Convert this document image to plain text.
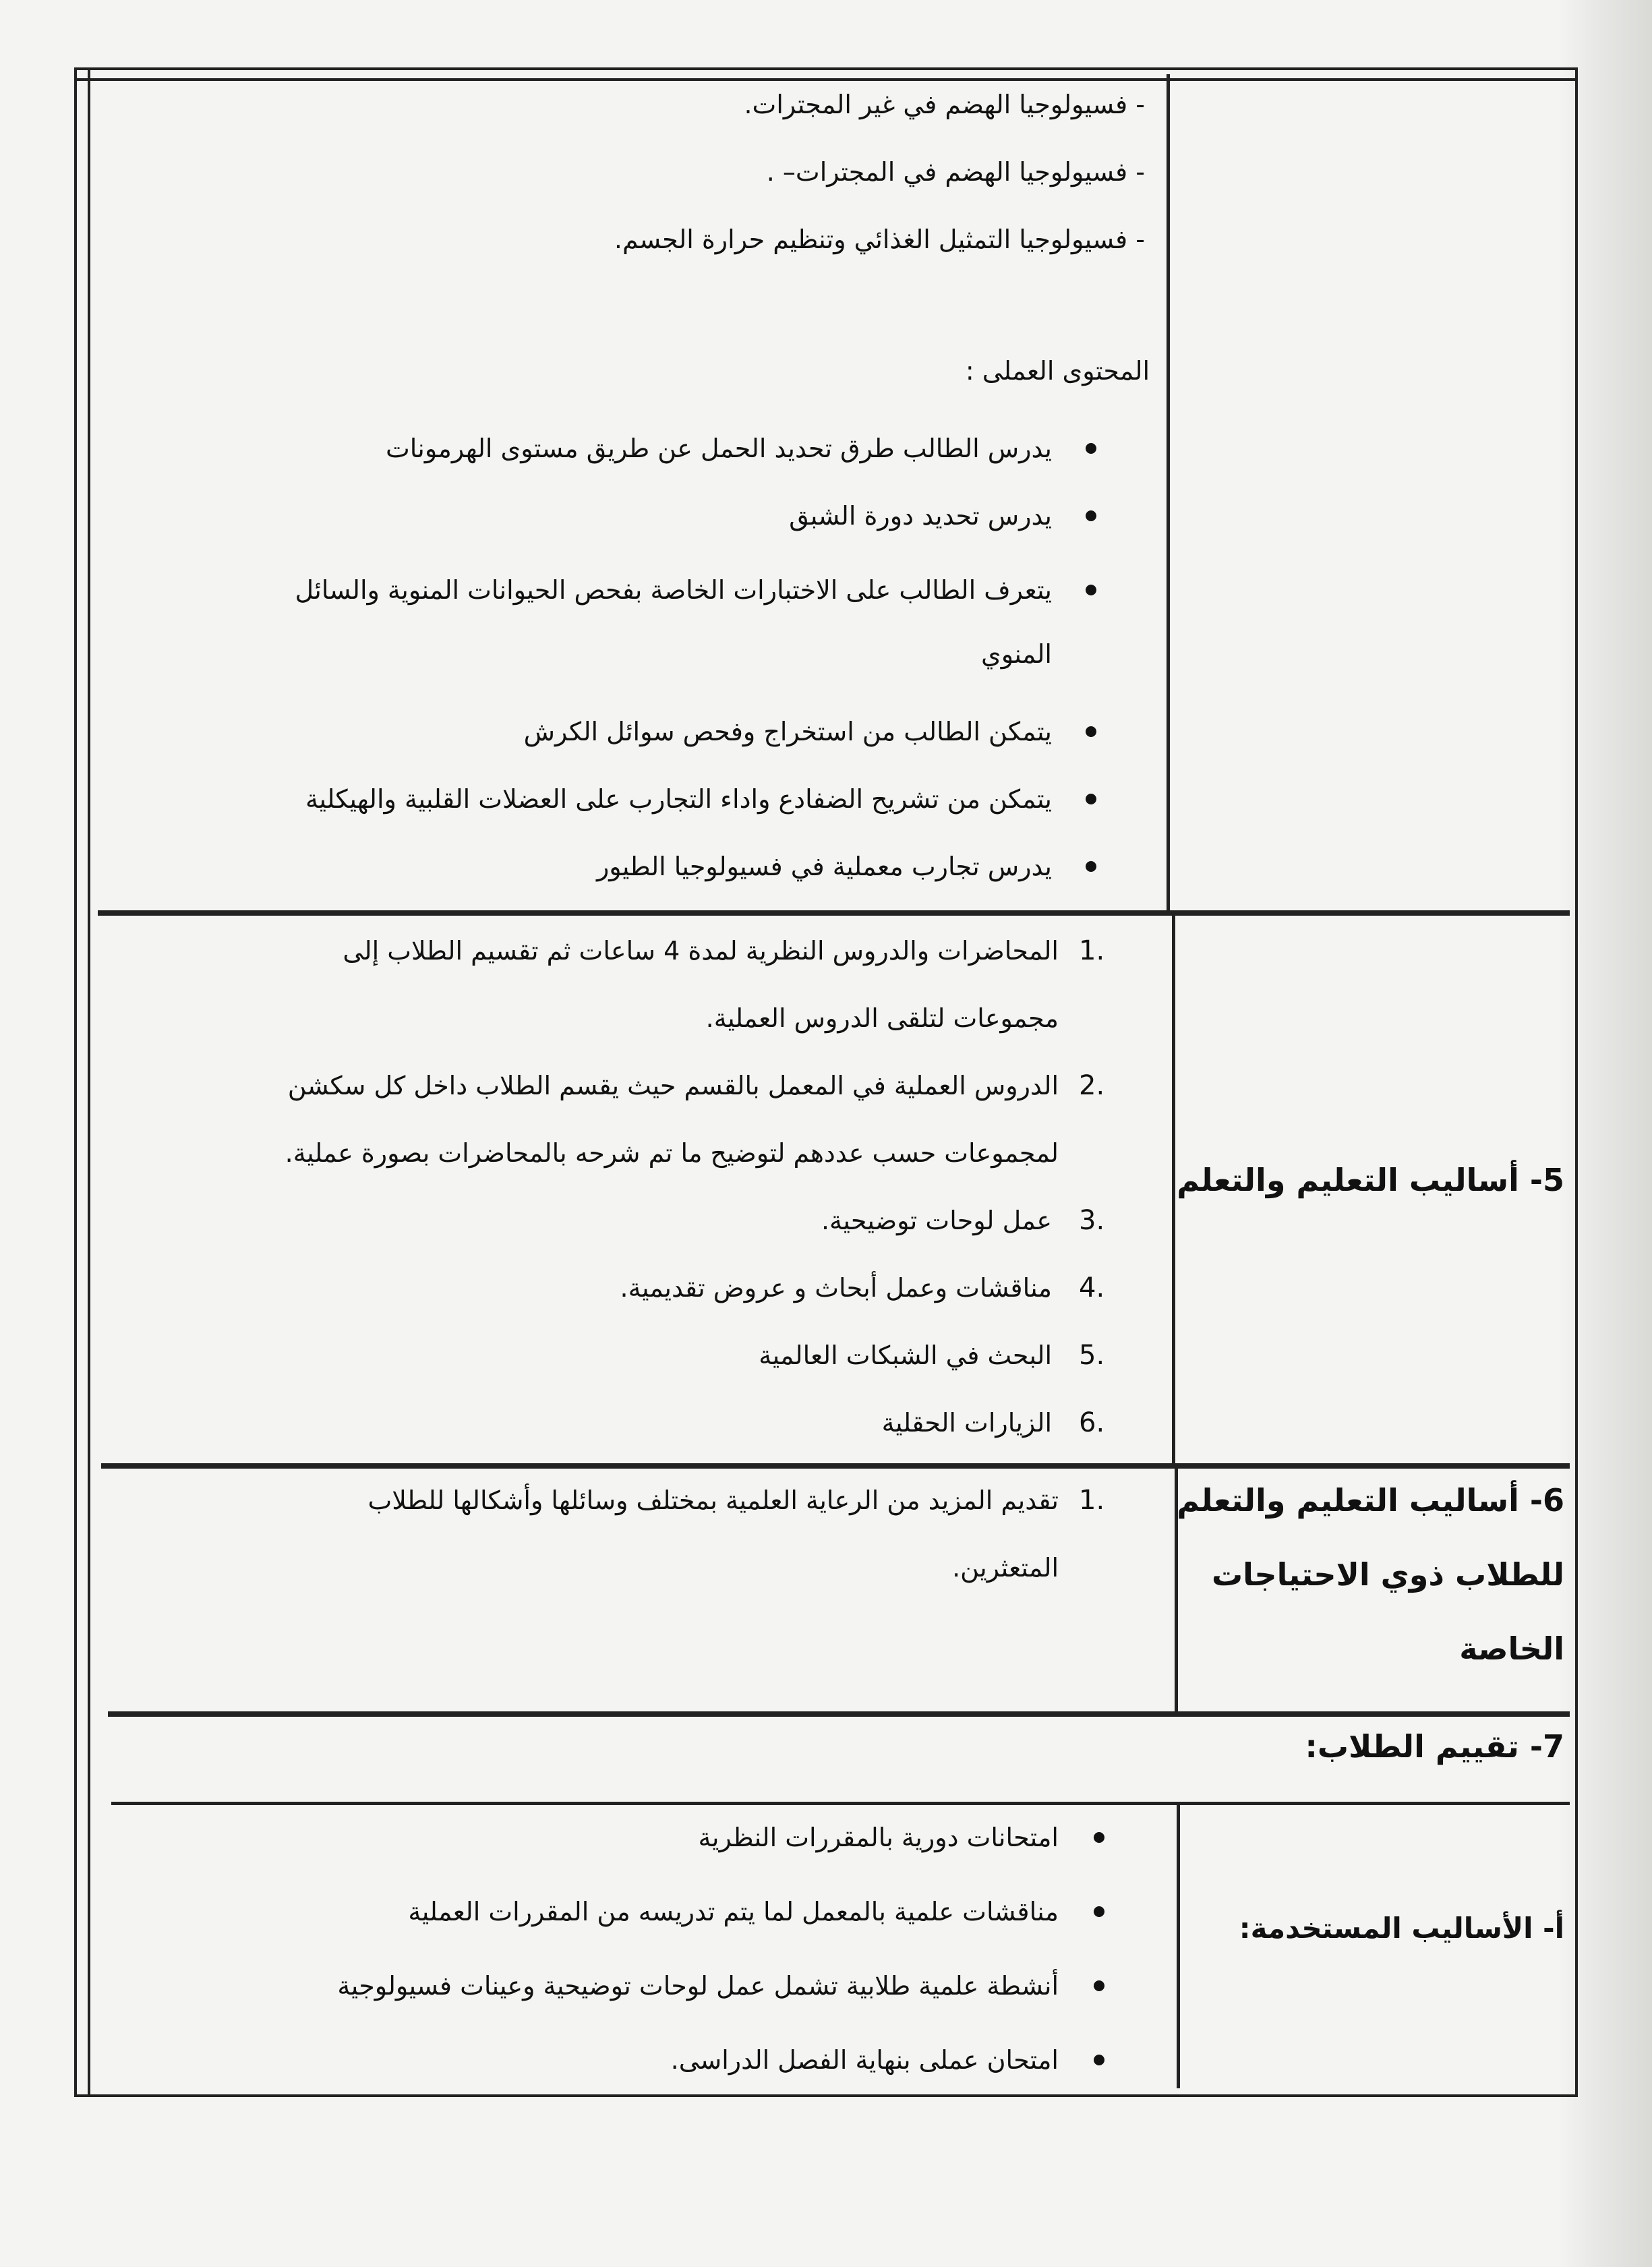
- فسيولوجيا الهضم في غير المجترات.
- فسيولوجيا الهضم في المجترات– .
- فسيولوجيا التمثيل الغذائي وتنظيم حرارة الجسم.
المحتوى العملى :
يدرس الطالب طرق تحديد الحمل عن طريق مستوى الهرمونات
يدرس تحديد دورة الشبق
يتعرف الطالب على الاختبارات الخاصة بفحص الحيوانات المنوية والسائل
المنوي
يتمكن الطالب من استخراج وفحص سوائل الكرش
يتمكن من تشريح الضفادع واداء التجارب على العضلات القلبية والهيكلية
يدرس تجارب معملية في فسيولوجيا الطيور
5- أساليب التعليم والتعلم
1.
المحاضرات والدروس النظرية لمدة 4 ساعات ثم تقسيم الطلاب إلى
مجموعات لتلقى الدروس العملية.
2.
الدروس العملية في المعمل بالقسم حيث يقسم الطلاب داخل كل سكشن
لمجموعات حسب عددهم لتوضيح ما تم شرحه بالمحاضرات بصورة عملية.
3.
عمل لوحات توضيحية.
4.
مناقشات وعمل أبحاث و عروض تقديمية.
5.
البحث في الشبكات العالمية
6.
الزيارات الحقلية
6- أساليب التعليم والتعلم
للطلاب ذوي الاحتياجات
الخاصة
1.
تقديم المزيد من الرعاية العلمية بمختلف وسائلها وأشكالها للطلاب
المتعثرين.
7- تقييم الطلاب:
أ- الأساليب المستخدمة:
امتحانات دورية بالمقررات النظرية
مناقشات علمية بالمعمل لما يتم تدريسه من المقررات العملية
أنشطة علمية طلابية تشمل عمل لوحات توضيحية وعينات فسيولوجية
امتحان عملى بنهاية الفصل الدراسى.
